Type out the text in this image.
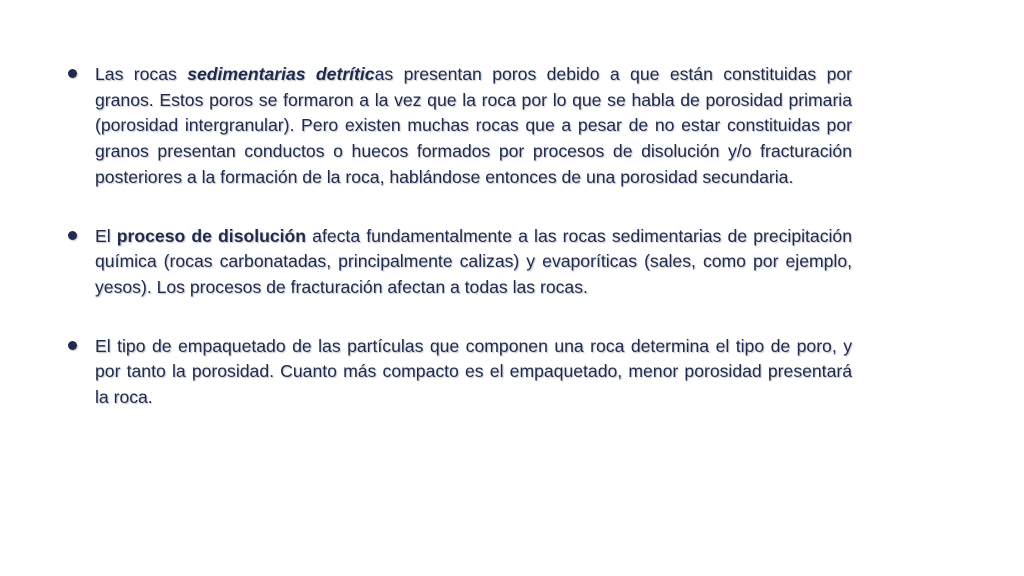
Las rocas sedimentarias detríticas presentan poros debido a que están constituidas por granos. Estos poros se formaron a la vez que la roca por lo que se habla de porosidad primaria (porosidad intergranular). Pero existen muchas rocas que a pesar de no estar constituidas por granos presentan conductos o huecos formados por procesos de disolución y/o fracturación posteriores a la formación de la roca, hablándose entonces de una porosidad secundaria.
El proceso de disolución afecta fundamentalmente a las rocas sedimentarias de precipitación química (rocas carbonatadas, principalmente calizas) y evaporíticas (sales, como por ejemplo, yesos). Los procesos de fracturación afectan a todas las rocas.
El tipo de empaquetado de las partículas que componen una roca determina el tipo de poro, y por tanto la porosidad. Cuanto más compacto es el empaquetado, menor porosidad presentará la roca.
